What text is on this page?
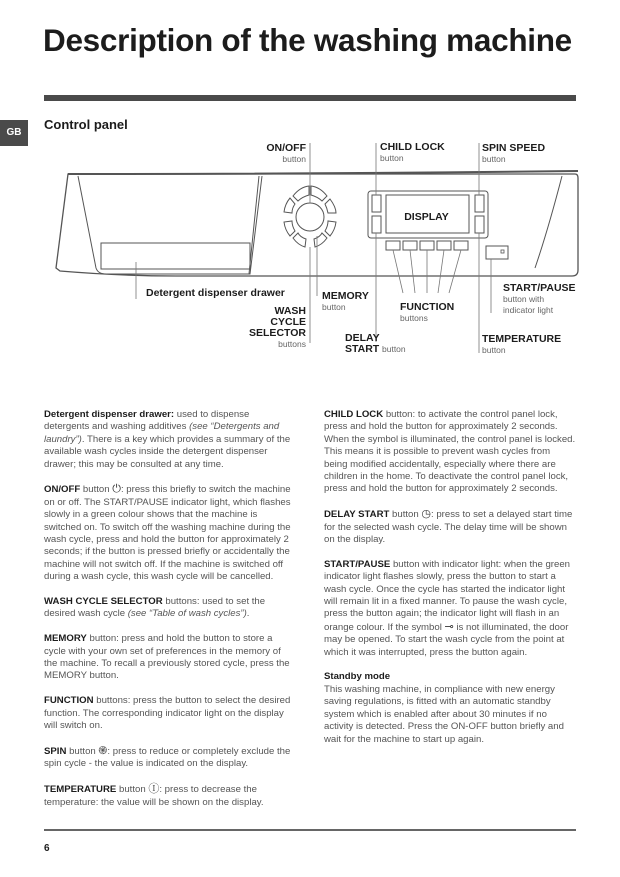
Description of the washing machine
GB
Control panel
DISPLAY
ON/OFF
button
CHILD LOCK
button
SPIN SPEED
button
Detergent dispenser drawer
WASH
CYCLE
SELECTOR
buttons
MEMORY
button	FUNCTION
buttons
DELAY
START button
START/PAUSE
button with
indicator light
TEMPERATURE
button

Detergent dispenser drawer: used to dispense detergents and washing additives (see “Detergents and laundry”). There is a key which provides a summary of the available wash cycles inside the detergent dispenser drawer; this may be consulted at any time.

ON/OFF button ⏻: press this briefly to switch the machine on or off. The START/PAUSE indicator light, which flashes slowly in a green colour shows that the machine is switched on. To switch off the washing machine during the wash cycle, press and hold the button for approximately 2 seconds; if the button is pressed briefly or accidentally the machine will not switch off. If the machine is switched off during a wash cycle, this wash cycle will be cancelled.

WASH CYCLE SELECTOR buttons: used to set the desired wash cycle (see “Table of wash cycles”).

MEMORY button: press and hold the button to store a cycle with your own set of preferences in the memory of the machine. To recall a previously stored cycle, press the MEMORY button.

FUNCTION buttons: press the button to select the desired function. The corresponding indicator light on the display will switch on.

SPIN button ֎: press to reduce or completely exclude the spin cycle - the value is indicated on the display.

TEMPERATURE button Ⓘ: press to decrease the temperature: the value will be shown on the display.

CHILD LOCK button: to activate the control panel lock, press and hold the button for approximately 2 seconds. When the symbol is illuminated, the control panel is locked. This means it is possible to prevent wash cycles from being modified accidentally, especially where there are children in the home. To deactivate the control panel lock, press and hold the button for approximately 2 seconds.

DELAY START button ◷: press to set a delayed start time for the selected wash cycle. The delay time will be shown on the display.

START/PAUSE button with indicator light: when the green indicator light flashes slowly, press the button to start a wash cycle. Once the cycle has started the indicator light will remain lit in a fixed manner. To pause the wash cycle, press the button again; the indicator light will flash in an orange colour. If the symbol ⊸ is not illuminated, the door may be opened. To start the wash cycle from the point at which it was interrupted, press the button again.

Standby mode
This washing machine, in compliance with new energy saving regulations, is fitted with an automatic standby system which is enabled after about 30 minutes if no activity is detected. Press the ON-OFF button briefly and wait for the machine to start up again.

6
